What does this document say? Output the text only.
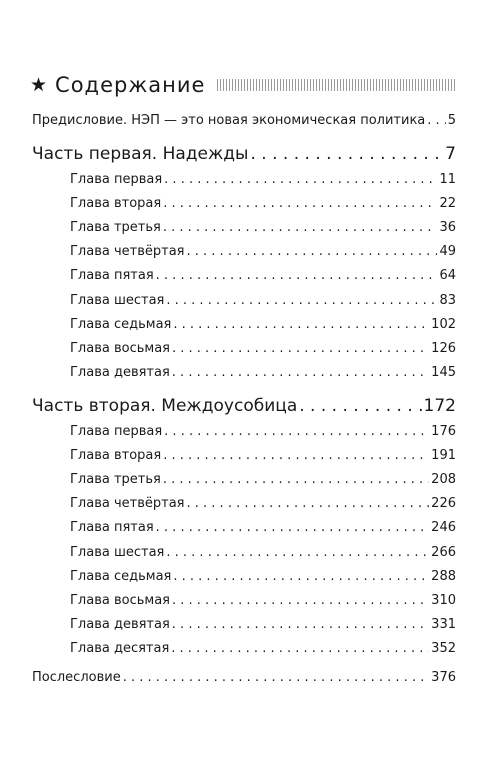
★ Содержание
Предисловие. НЭП — это новая экономическая политика . . . 5
Часть первая. Надежды . . .	7
Глава первая . . .	11
Глава вторая . . .	22
Глава третья . . .	36
Глава четвёртая . . .	49
Глава пятая . . .	64
Глава шестая . . .	83
Глава седьмая . . .	102
Глава восьмая . . .	126
Глава девятая . . .	145
Часть вторая. Междоусобица . . .	172
Глава первая . . .	176
Глава вторая . . .	191
Глава третья . . .	208
Глава четвёртая . . .	226
Глава пятая . . .	246
Глава шестая . . .	266
Глава седьмая . . .	288
Глава восьмая . . .	310
Глава девятая . . .	331
Глава десятая . . .	352
Послесловие . . .	376
